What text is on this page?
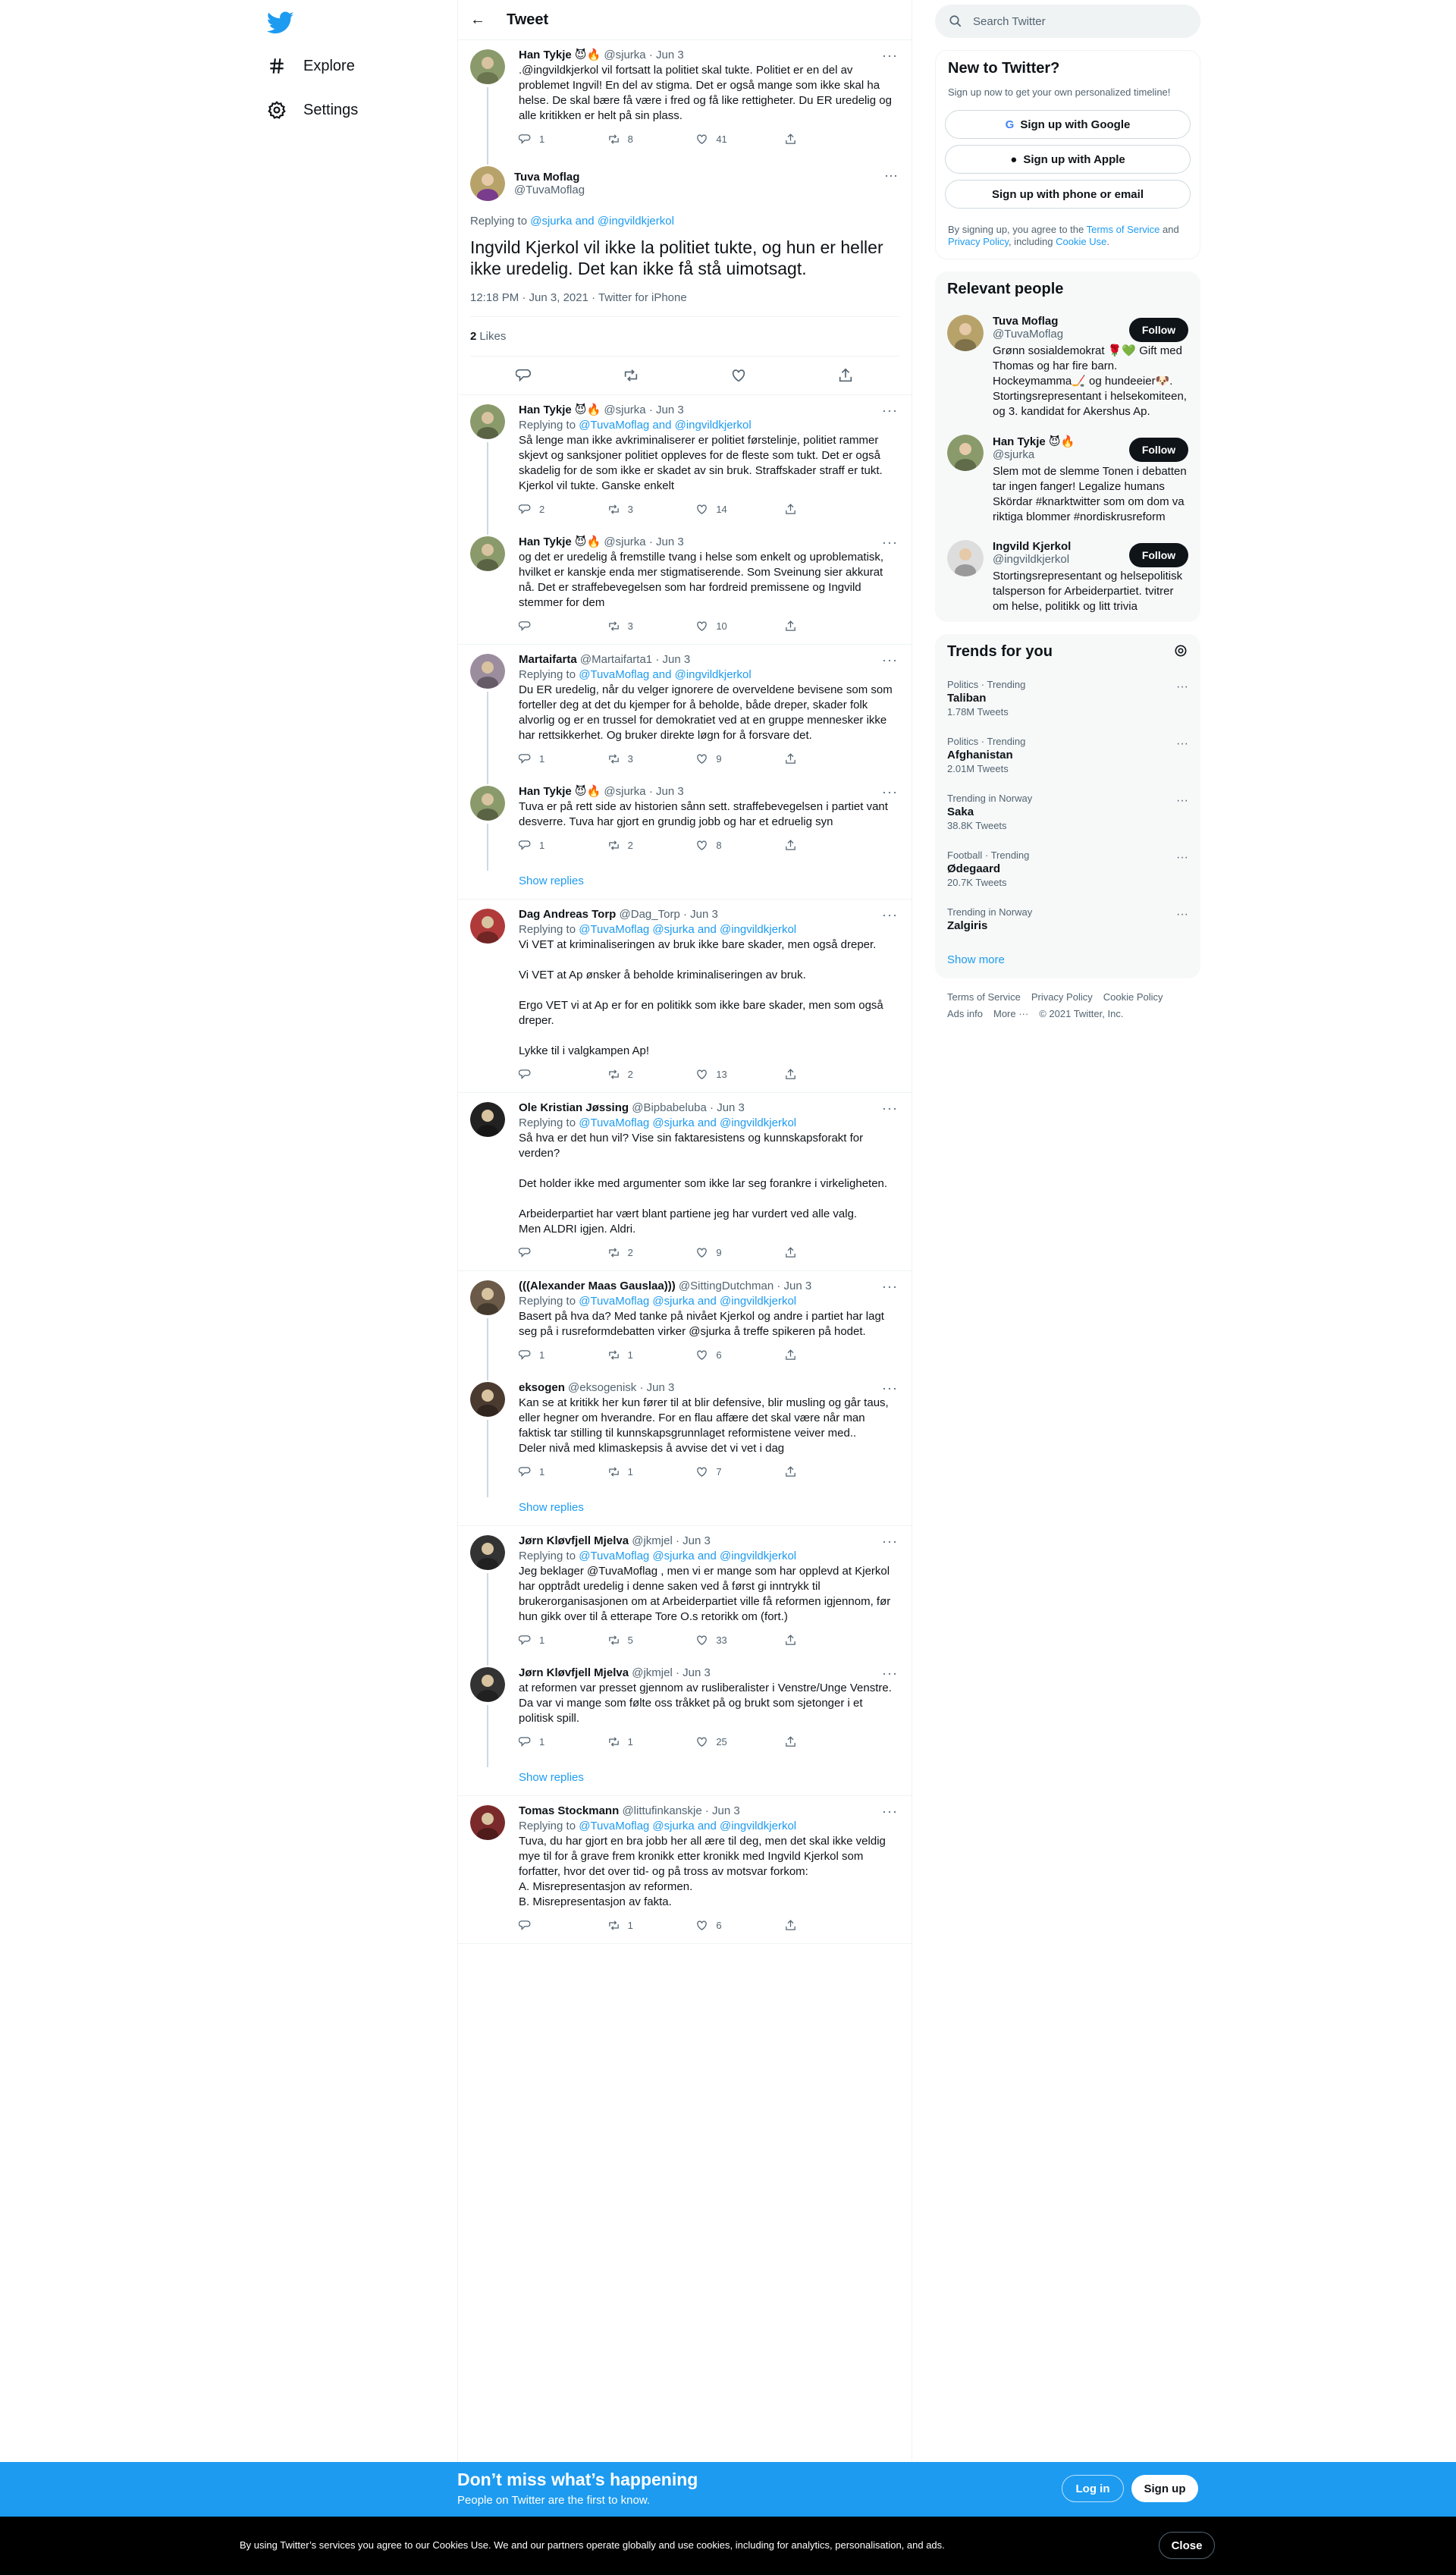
Explore
Settings
← Tweet
Han Tykje 😈🔥 @sjurka · Jun 3	···
.@ingvildkjerkol vil fortsatt la politiet skal tukte. Politiet er en del av problemet Ingvil! En del av stigma. Det er også mange som ikke skal ha helse. De skal bære få være i fred og få like rettigheter. Du ER uredelig og alle kritikken er helt på sin plass.
1	8	41
Tuva Moflag
@TuvaMoflag
···
Replying to @sjurka and @ingvildkjerkol
Ingvild Kjerkol vil ikke la politiet tukte, og hun er heller ikke uredelig. Det kan ikke få stå uimotsagt.
12:18 PM · Jun 3, 2021 · Twitter for iPhone
2 Likes
Han Tykje 😈🔥 @sjurka · Jun 3	···
Replying to @TuvaMoflag and @ingvildkjerkol
Så lenge man ikke avkriminaliserer er politiet førstelinje, politiet rammer skjevt og sanksjoner politiet oppleves for de fleste som tukt. Det er også skadelig for de som ikke er skadet av sin bruk. Straffskader straff er tukt. Kjerkol vil tukte. Ganske enkelt
2	3	14
Han Tykje 😈🔥 @sjurka · Jun 3	···
og det er uredelig å fremstille tvang i helse som enkelt og uproblematisk, hvilket er kanskje enda mer stigmatiserende. Som Sveinung sier akkurat nå. Det er straffebevegelsen som har fordreid premissene og Ingvild stemmer for dem
3	10
Martaifarta @Martaifarta1 · Jun 3	···
Replying to @TuvaMoflag and @ingvildkjerkol
Du ER uredelig, når du velger ignorere de overveldene bevisene som som forteller deg at det du kjemper for å beholde, både dreper, skader folk alvorlig og er en trussel for demokratiet ved at en gruppe mennesker ikke har rettsikkerhet. Og bruker direkte løgn for å forsvare det.
1	3	9
Han Tykje 😈🔥 @sjurka · Jun 3	···
Tuva er på rett side av historien sånn sett. straffebevegelsen i partiet vant desverre. Tuva har gjort en grundig jobb og har et edruelig syn
1	2	8
Show replies
Dag Andreas Torp @Dag_Torp · Jun 3	···
Replying to @TuvaMoflag @sjurka and @ingvildkjerkol
Vi VET at kriminaliseringen av bruk ikke bare skader, men også dreper.

Vi VET at Ap ønsker å beholde kriminaliseringen av bruk.

Ergo VET vi at Ap er for en politikk som ikke bare skader, men som også dreper.

Lykke til i valgkampen Ap!
2	13
Ole Kristian Jøssing @Bipbabeluba · Jun 3	···
Replying to @TuvaMoflag @sjurka and @ingvildkjerkol
Så hva er det hun vil? Vise sin faktaresistens og kunnskapsforakt for verden?

Det holder ikke med argumenter som ikke lar seg forankre i virkeligheten.

Arbeiderpartiet har vært blant partiene jeg har vurdert ved alle valg.
Men ALDRI igjen. Aldri.
2	9
(((Alexander Maas Gauslaa))) @SittingDutchman · Jun 3	···
Replying to @TuvaMoflag @sjurka and @ingvildkjerkol
Basert på hva da? Med tanke på nivået Kjerkol og andre i partiet har lagt seg på i rusreformdebatten virker @sjurka å treffe spikeren på hodet.
1	1	6
eksogen @eksogenisk · Jun 3	···
Kan se at kritikk her kun fører til at blir defensive, blir musling og går taus, eller hegner om hverandre. For en flau affære det skal være når man faktisk tar stilling til kunnskapsgrunnlaget reformistene veiver med..
Deler nivå med klimaskepsis å avvise det vi vet i dag
1	1	7
Show replies
Jørn Kløvfjell Mjelva @jkmjel · Jun 3	···
Replying to @TuvaMoflag @sjurka and @ingvildkjerkol
Jeg beklager @TuvaMoflag , men vi er mange som har opplevd at Kjerkol har opptrådt uredelig i denne saken ved å først gi inntrykk til brukerorganisasjonen om at Arbeiderpartiet ville få reformen igjennom, før hun gikk over til å etterape Tore O.s retorikk om (fort.)
1	5	33
Jørn Kløvfjell Mjelva @jkmjel · Jun 3	···
at reformen var presset gjennom av rusliberalister i Venstre/Unge Venstre. Da var vi mange som følte oss tråkket på og brukt som sjetonger i et politisk spill.
1	1	25
Show replies
Tomas Stockmann @littufinkanskje · Jun 3	···
Replying to @TuvaMoflag @sjurka and @ingvildkjerkol
Tuva, du har gjort en bra jobb her all ære til deg, men det skal ikke veldig mye til for å grave frem kronikk etter kronikk med Ingvild Kjerkol som forfatter, hvor det over tid- og på tross av motsvar forkom:
A. Misrepresentasjon av reformen.
B. Misrepresentasjon av fakta.
1	6
Search Twitter
New to Twitter?
Sign up now to get your own personalized timeline!
G Sign up with Google
● Sign up with Apple
Sign up with phone or email
By signing up, you agree to the Terms of Service and Privacy Policy, including Cookie Use.
Relevant people
Tuva Moflag
@TuvaMoflag
Grønn sosialdemokrat 🌹💚 Gift med Thomas og har fire barn. Hockeymamma🏒 og hundeeier🐶. Stortingsrepresentant i helsekomiteen, og 3. kandidat for Akershus Ap.
Follow
Han Tykje 😈🔥
@sjurka
Slem mot de slemme Tonen i debatten tar ingen fanger! Legalize humans Skördar #knarktwitter som om dom va riktiga blommer #nordiskrusreform
Follow
Ingvild Kjerkol
@ingvildkjerkol
Stortingsrepresentant og helsepolitisk talsperson for Arbeiderpartiet. tvitrer om helse, politikk og litt trivia
Follow
Trends for you
Politics · Trending
Taliban
1.78M Tweets
···
Politics · Trending
Afghanistan
2.01M Tweets
···
Trending in Norway
Saka
38.8K Tweets
···
Football · Trending
Ødegaard
20.7K Tweets
···
Trending in Norway
Zalgiris
···
Show more
Terms of Service Privacy Policy Cookie Policy
Ads info More ··· © 2021 Twitter, Inc.
Don’t miss what’s happening
People on Twitter are the first to know.
Log in	Sign up
By using Twitter’s services you agree to our Cookies Use. We and our partners operate globally and use cookies, including for analytics, personalisation, and ads.	Close
